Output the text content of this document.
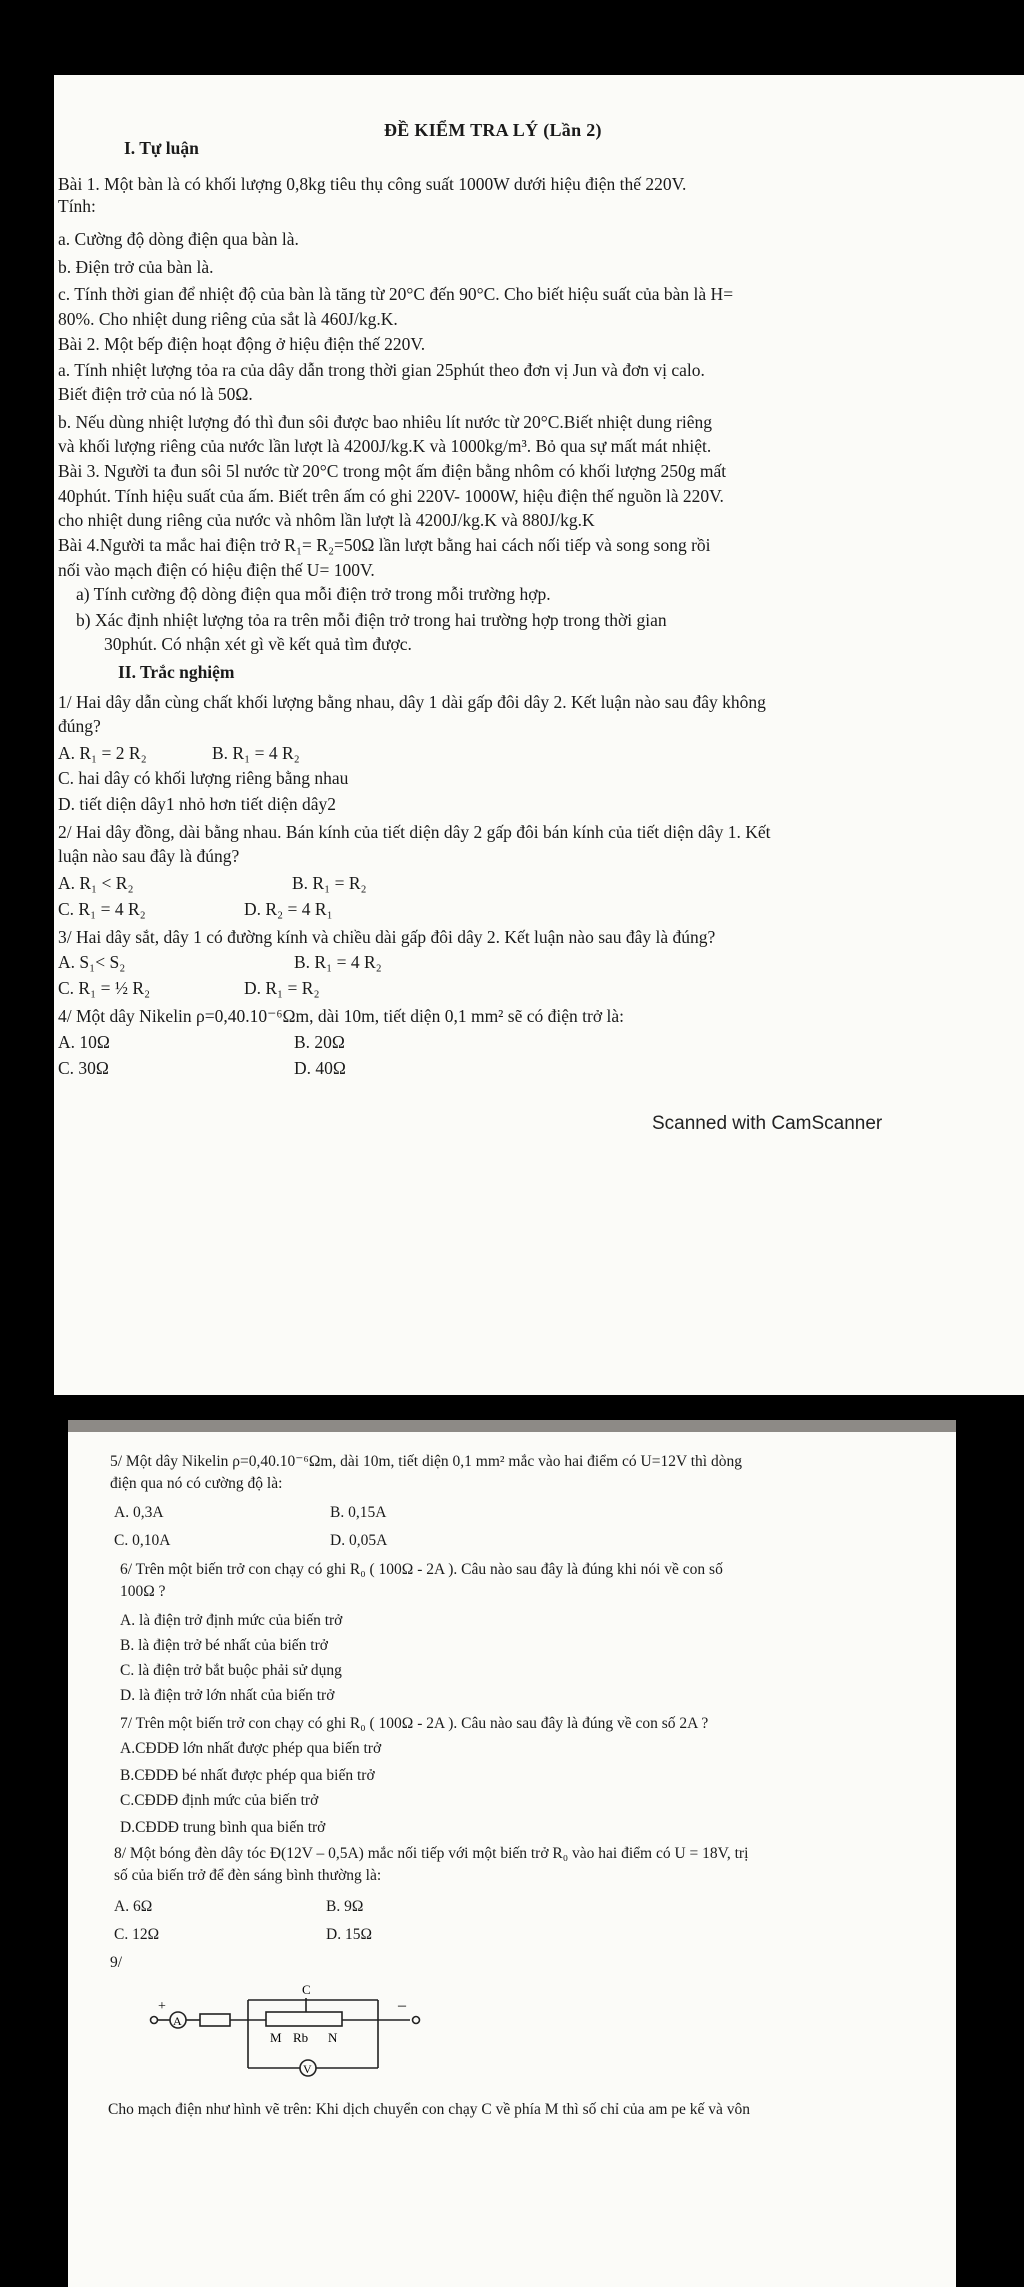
ĐỀ KIỂM TRA LÝ (Lần 2)
I. Tự luận
Bài 1. Một bàn là có khối lượng 0,8kg tiêu thụ công suất 1000W dưới hiệu điện thế 220V.
Tính:
a. Cường độ dòng điện qua bàn là.
b. Điện trở của bàn là.
c. Tính thời gian để nhiệt độ của bàn là tăng từ 20°C đến 90°C. Cho biết hiệu suất của bàn là H=
80%. Cho nhiệt dung riêng của sắt là 460J/kg.K.
Bài 2. Một bếp điện hoạt động ở hiệu điện thế 220V.
a. Tính nhiệt lượng tỏa ra của dây dẫn trong thời gian 25phút theo đơn vị Jun và đơn vị calo.
Biết điện trở của nó là 50Ω.
b. Nếu dùng nhiệt lượng đó thì đun sôi được bao nhiêu lít nước từ 20°C.Biết nhiệt dung riêng
và khối lượng riêng của nước lần lượt là 4200J/kg.K và 1000kg/m³. Bỏ qua sự mất mát nhiệt.
Bài 3. Người ta đun sôi 5l nước từ 20°C trong một ấm điện bằng nhôm có khối lượng 250g mất
40phút. Tính hiệu suất của ấm. Biết trên ấm có ghi 220V- 1000W, hiệu điện thế nguồn là 220V.
cho nhiệt dung riêng của nước và nhôm lần lượt là 4200J/kg.K và 880J/kg.K
Bài 4.Người ta mắc hai điện trở R₁= R₂=50Ω lần lượt bằng hai cách nối tiếp và song song rồi
nối vào mạch điện có hiệu điện thế U= 100V.
a) Tính cường độ dòng điện qua mỗi điện trở trong mỗi trường hợp.
b) Xác định nhiệt lượng tỏa ra trên mỗi điện trở trong hai trường hợp trong thời gian
30phút. Có nhận xét gì về kết quả tìm được.
II. Trắc nghiệm
1/ Hai dây dẫn cùng chất khối lượng bằng nhau, dây 1 dài gấp đôi dây 2. Kết luận nào sau đây không
đúng?
A. R₁ = 2 R₂	B. R₁ = 4 R₂
C. hai dây có khối lượng riêng bằng nhau
D. tiết diện dây1 nhỏ hơn tiết diện dây2
2/ Hai dây đồng, dài bằng nhau. Bán kính của tiết diện dây 2 gấp đôi bán kính của tiết diện dây 1. Kết
luận nào sau đây là đúng?
A. R₁ < R₂	B. R₁ = R₂
C. R₁ = 4 R₂	D. R₂ = 4 R₁
3/ Hai dây sắt, dây 1 có đường kính và chiều dài gấp đôi dây 2. Kết luận nào sau đây là đúng?
A. S₁< S₂	B. R₁ = 4 R₂
C. R₁ = ½ R₂	D. R₁ = R₂
4/ Một dây Nikelin ρ=0,40.10⁻⁶Ωm, dài 10m, tiết diện 0,1 mm² sẽ có điện trở là:
A. 10Ω	B. 20Ω
C. 30Ω	D. 40Ω
Scanned with CamScanner
5/ Một dây Nikelin ρ=0,40.10⁻⁶Ωm, dài 10m, tiết diện 0,1 mm² mắc vào hai điểm có U=12V thì dòng
điện qua nó có cường độ là:
A. 0,3A	B. 0,15A
C. 0,10A	D. 0,05A
6/ Trên một biến trở con chạy có ghi R₀ ( 100Ω - 2A ). Câu nào sau đây là đúng khi nói về con số
100Ω ?
A. là điện trở định mức của biến trở
B. là điện trở bé nhất của biến trở
C. là điện trở bắt buộc phải sử dụng
D. là điện trở lớn nhất của biến trở
7/ Trên một biến trở con chạy có ghi R₀ ( 100Ω - 2A ). Câu nào sau đây là đúng về con số 2A ?
A.CĐDĐ lớn nhất được phép qua biến trở
B.CĐDĐ bé nhất được phép qua biến trở
C.CĐDĐ định mức của biến trở
D.CĐDĐ trung bình qua biến trở
8/ Một bóng đèn dây tóc Đ(12V – 0,5A) mắc nối tiếp với một biến trở R₀ vào hai điểm có U = 18V, trị
số của biến trở để đèn sáng bình thường là:
A. 6Ω	B. 9Ω
C. 12Ω	D. 15Ω
9/
+
A
C
M Rb N
V
–
Cho mạch điện như hình vẽ trên: Khi dịch chuyển con chạy C về phía M thì số chỉ của am pe kế và vôn
